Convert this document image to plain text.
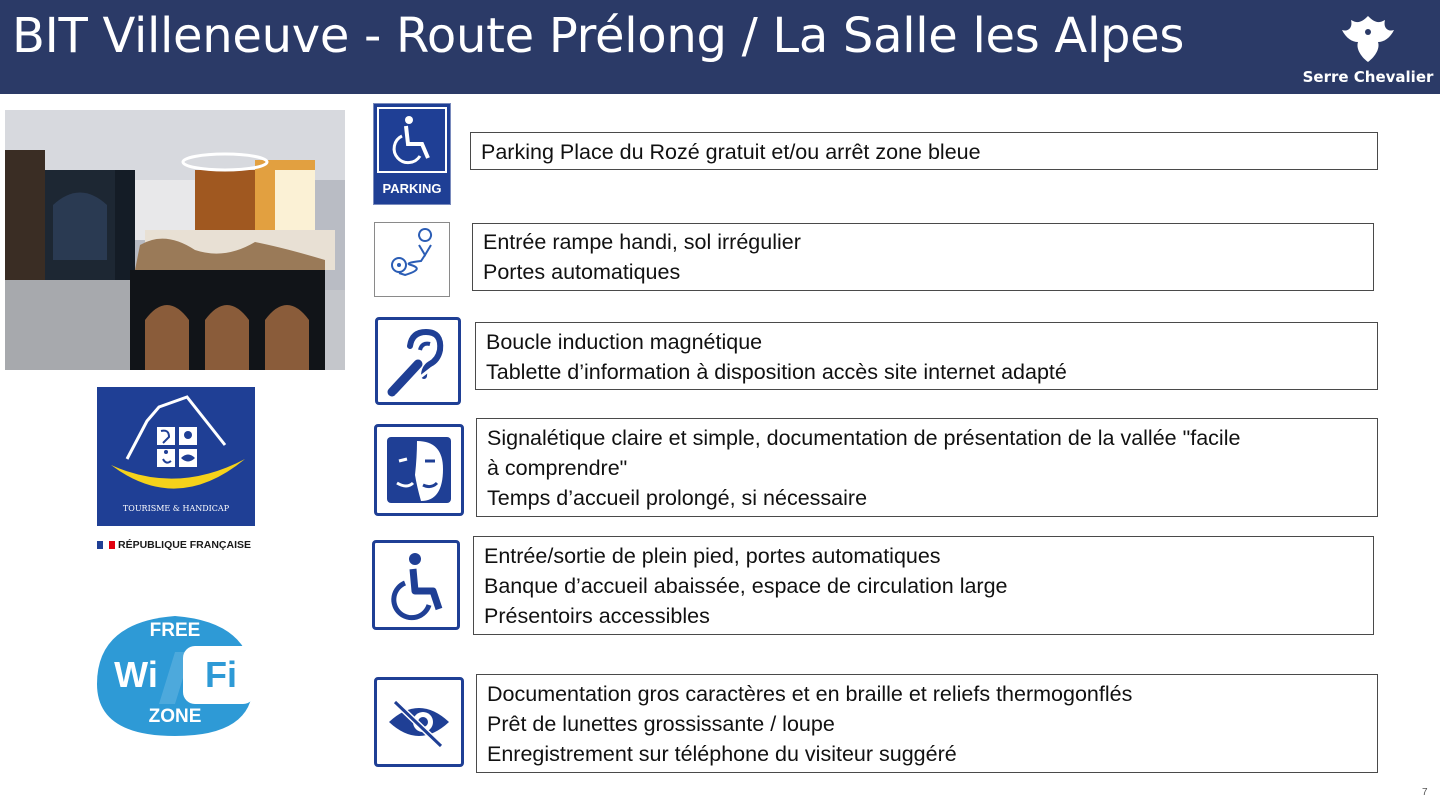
BIT Villeneuve - Route Prélong / La Salle les Alpes
Serre Chevalier
TOURISME & HANDICAP
RÉPUBLIQUE FRANÇAISE
FREE
Wi	Fi
ZONE
PARKING
Parking Place du Rozé gratuit et/ou arrêt zone bleue
Entrée rampe handi, sol irrégulier
Portes automatiques
Boucle induction magnétique
Tablette d’information à disposition accès site internet adapté
Signalétique claire et simple, documentation de présentation de la vallée "facile
à comprendre"
Temps d’accueil prolongé, si nécessaire
Entrée/sortie de plein pied, portes automatiques
Banque d’accueil abaissée, espace de circulation large
Présentoirs accessibles
Documentation gros caractères et en braille et reliefs thermogonflés
Prêt de lunettes grossissante / loupe
Enregistrement sur téléphone du visiteur suggéré
7
